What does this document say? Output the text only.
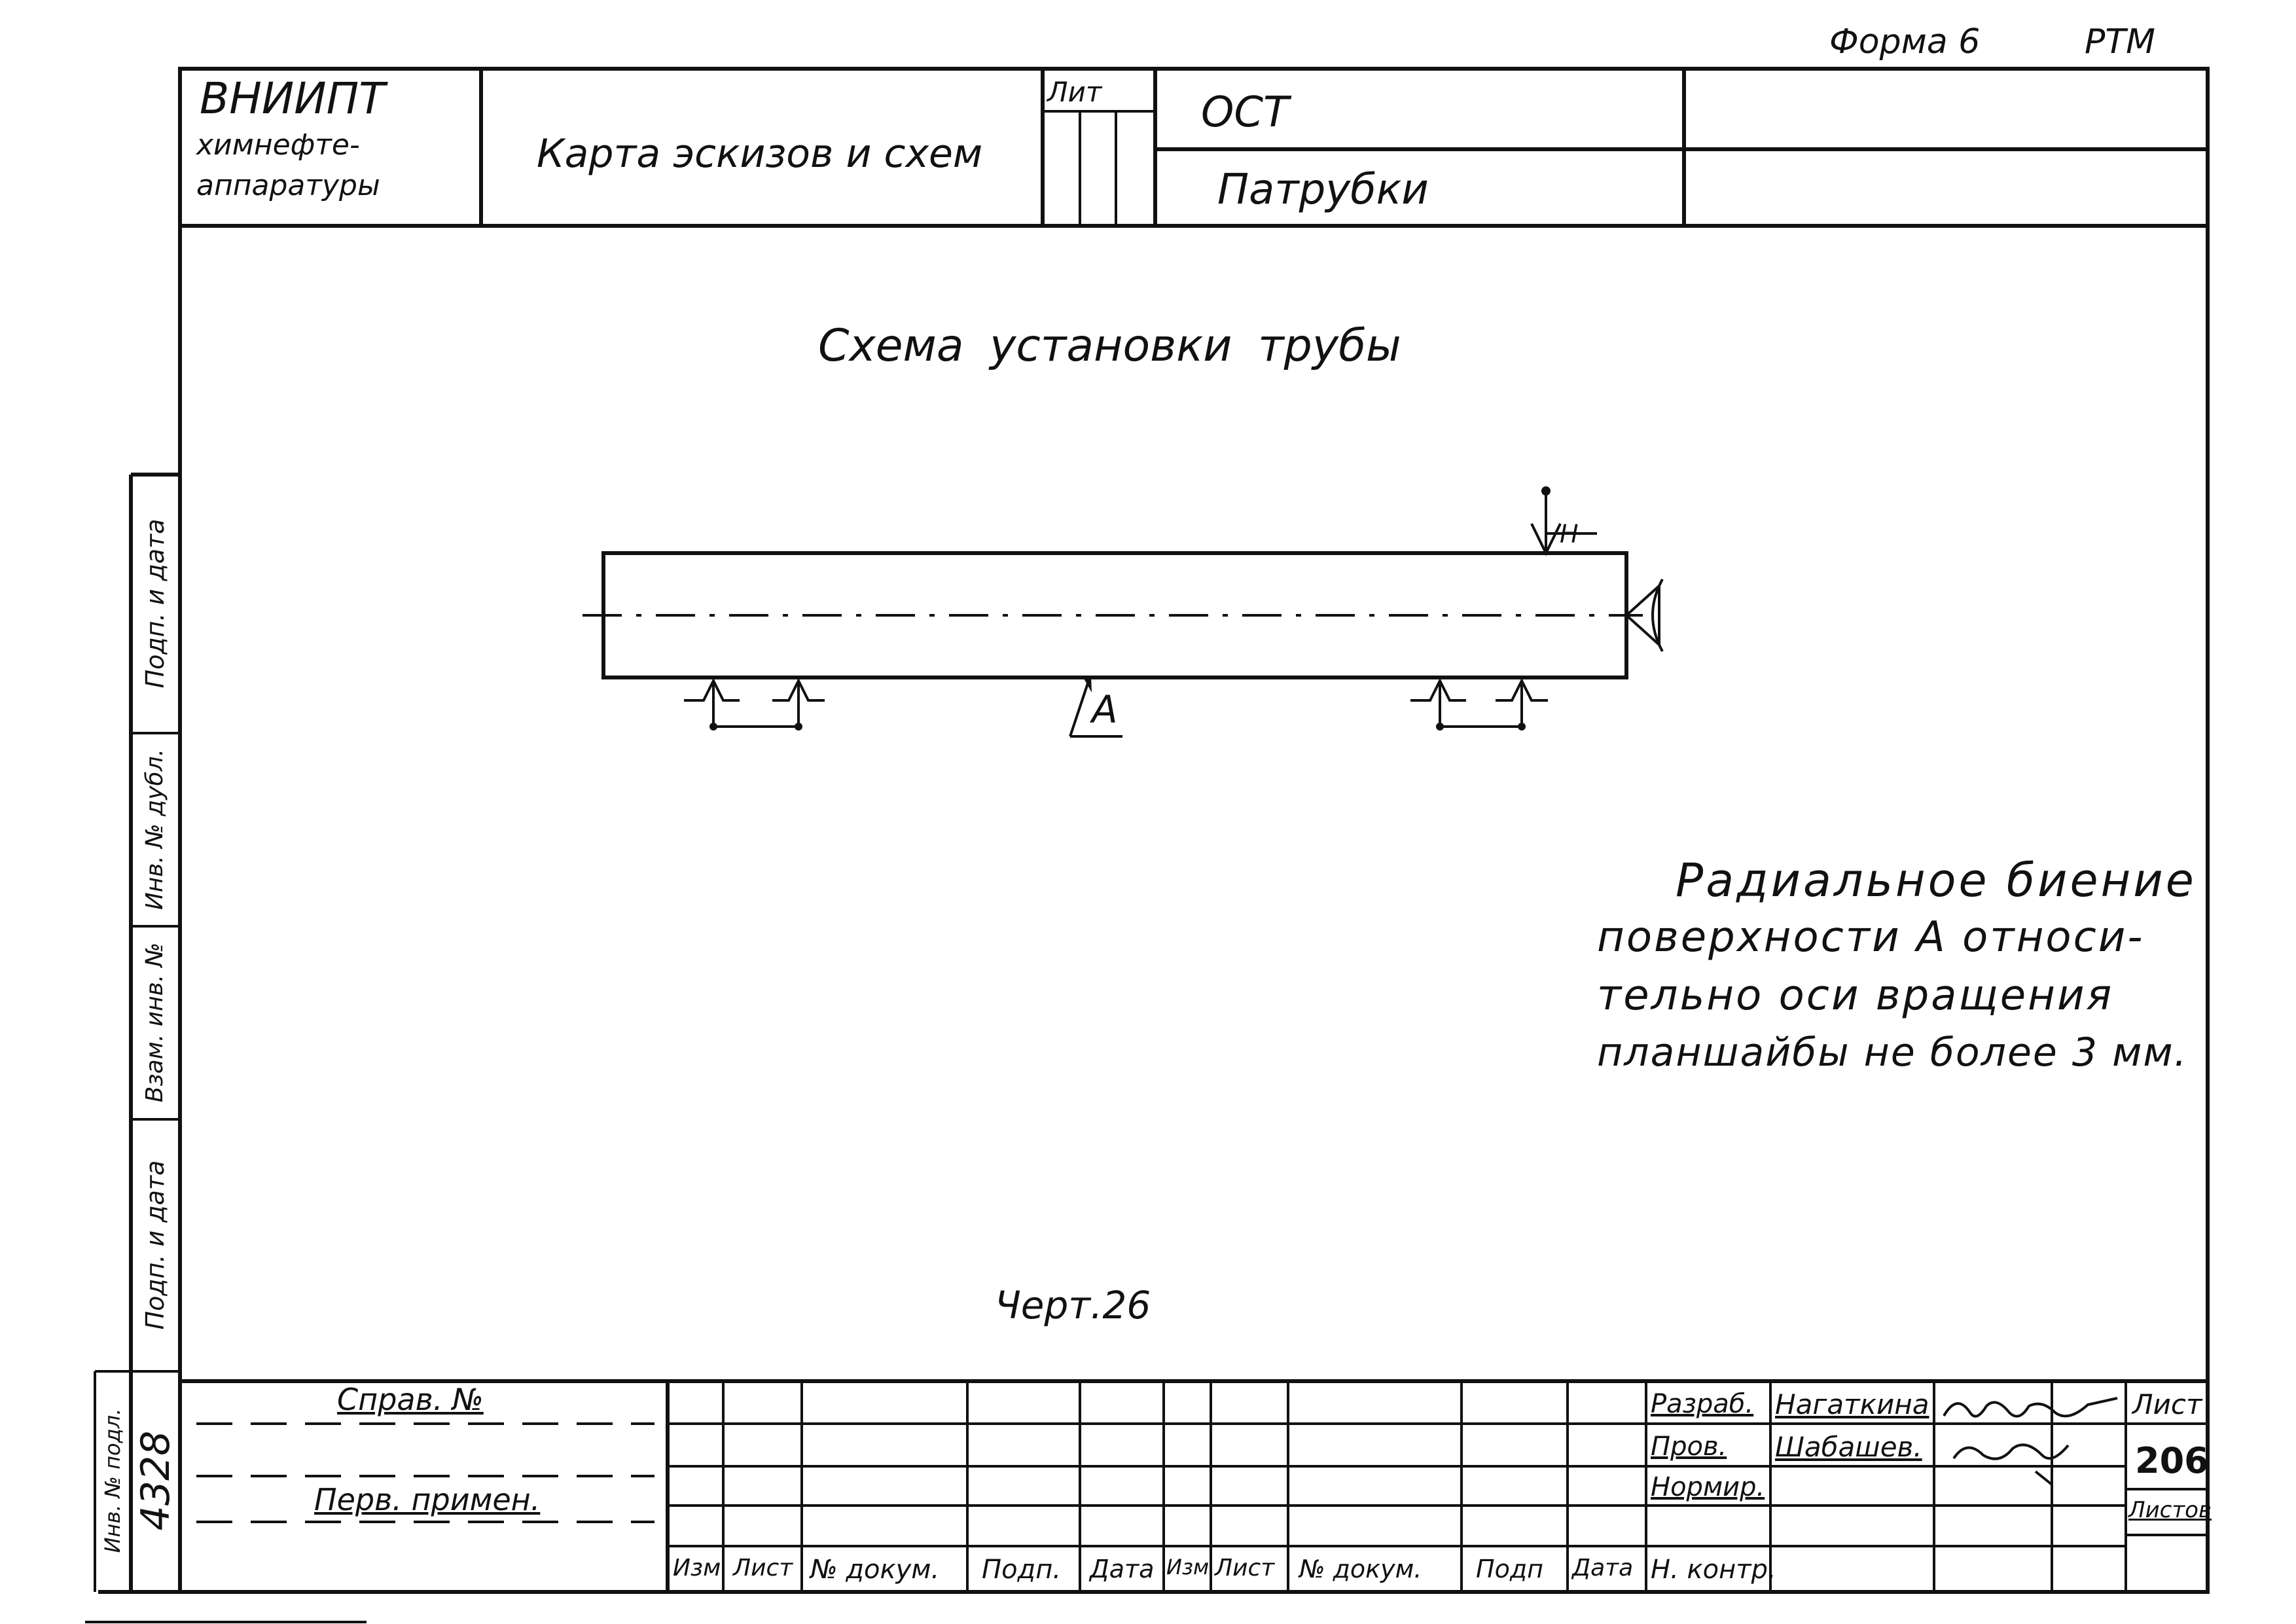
Форма 6	РТМ
ВНИИПТ
химнефте-
аппаратуры
Карта эскизов и схем
Лит ОСТ
Патрубки
Схема установки трубы
A
Н
Радиальное биение
поверхности А относи-
тельно оси вращения
планшайбы не более 3 мм.
Черт.26
Подп. и дата
Инв. № дубл.
Взам. инв. №
Подп. и дата
Инв. № подл. 4328
Справ. №
Перв. примен.
Изм Лист № докум. Подп. Дата Изм Лист № докум. Подп Дата
Разраб.
Пров.
Нормир.
Н. контр.
Нагаткина
Шабашев.
Лист
206
Листов
